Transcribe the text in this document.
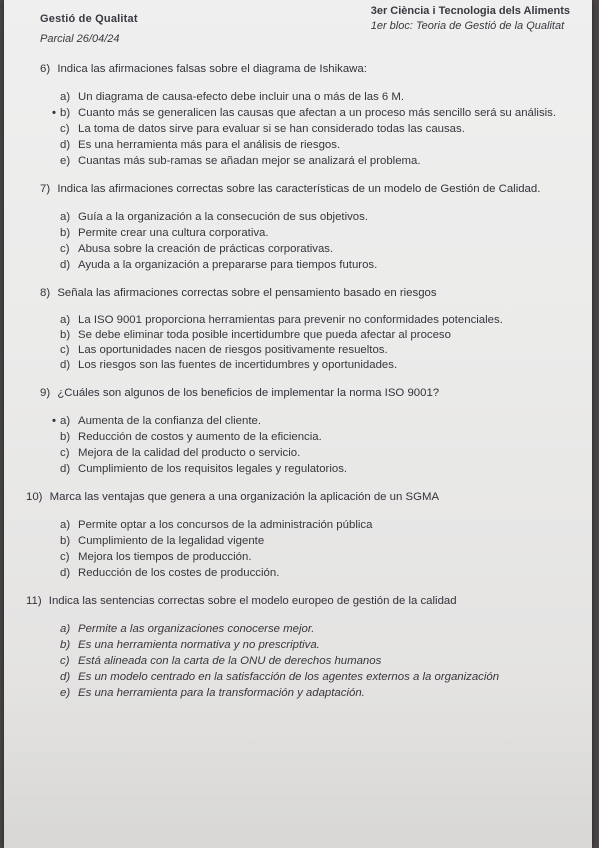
Gestió de Qualitat
Parcial 26/04/24
3er Ciència i Tecnologia dels Aliments
1er bloc: Teoria de Gestió de la Qualitat
6) Indica las afirmaciones falsas sobre el diagrama de Ishikawa:
a) Un diagrama de causa-efecto debe incluir una o más de las 6 M.
• b) Cuanto más se generalicen las causas que afectan a un proceso más sencillo será su análisis.
c) La toma de datos sirve para evaluar si se han considerado todas las causas.
d) Es una herramienta más para el análisis de riesgos.
e) Cuantas más sub-ramas se añadan mejor se analizará el problema.
7) Indica las afirmaciones correctas sobre las características de un modelo de Gestión de Calidad.
a) Guía a la organización a la consecución de sus objetivos.
b) Permite crear una cultura corporativa.
c) Abusa sobre la creación de prácticas corporativas.
d) Ayuda a la organización a prepararse para tiempos futuros.
8) Señala las afirmaciones correctas sobre el pensamiento basado en riesgos
a) La ISO 9001 proporciona herramientas para prevenir no conformidades potenciales.
b) Se debe eliminar toda posible incertidumbre que pueda afectar al proceso
c) Las oportunidades nacen de riesgos positivamente resueltos.
d) Los riesgos son las fuentes de incertidumbres y oportunidades.
9) ¿Cuáles son algunos de los beneficios de implementar la norma ISO 9001?
• a) Aumenta de la confianza del cliente.
b) Reducción de costos y aumento de la eficiencia.
c) Mejora de la calidad del producto o servicio.
d) Cumplimiento de los requisitos legales y regulatorios.
10) Marca las ventajas que genera a una organización la aplicación de un SGMA
a) Permite optar a los concursos de la administración pública
b) Cumplimiento de la legalidad vigente
c) Mejora los tiempos de producción.
d) Reducción de los costes de producción.
11) Indica las sentencias correctas sobre el modelo europeo de gestión de la calidad
a) Permite a las organizaciones conocerse mejor.
b) Es una herramienta normativa y no prescriptiva.
c) Está alineada con la carta de la ONU de derechos humanos
d) Es un modelo centrado en la satisfacción de los agentes externos a la organización
e) Es una herramienta para la transformación y adaptación.
